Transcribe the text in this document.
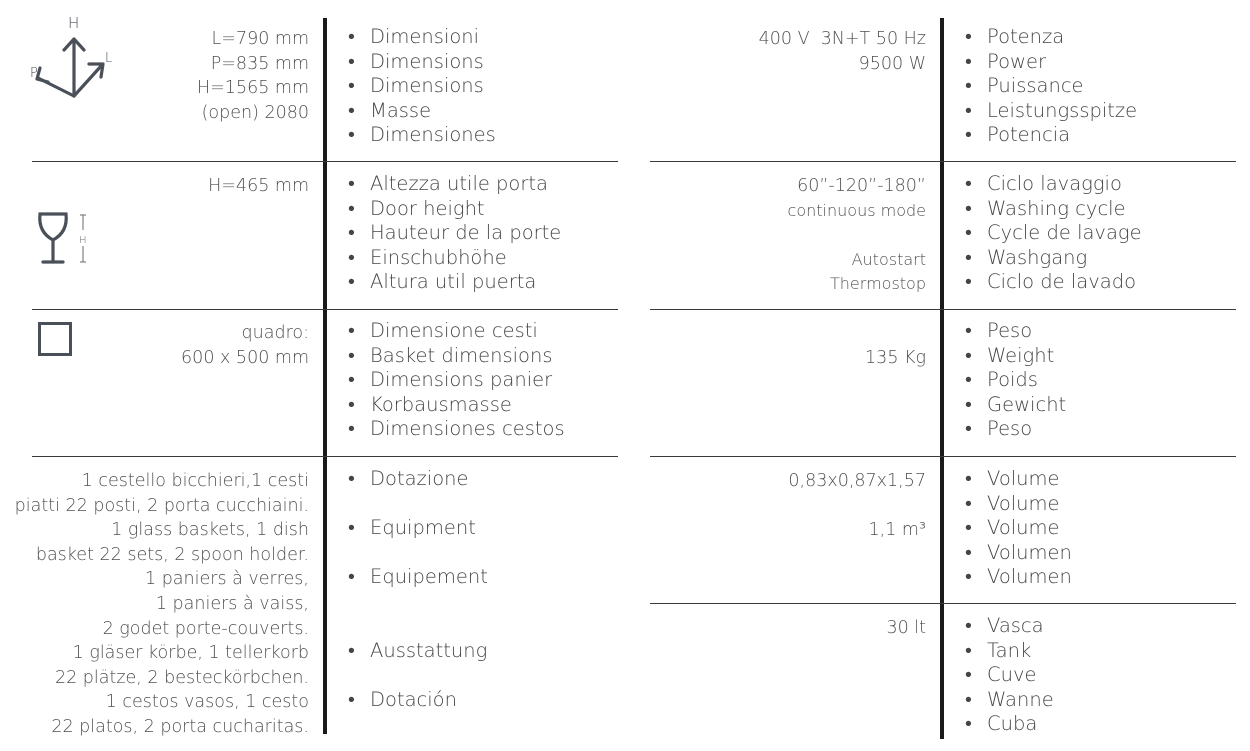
H
P
L
H
L=790 mm
P=835 mm
H=1565 mm
(open) 2080
H=465 mm
quadro:
600 x 500 mm
1 cestello bicchieri,1 cesti
piatti 22 posti, 2 porta cucchiaini.
1 glass baskets, 1 dish
basket 22 sets, 2 spoon holder.
1 paniers à verres,
1 paniers à vaiss,
2 godet porte-couverts.
1 gläser körbe, 1 tellerkorb
22 plätze, 2 besteckörbchen.
1 cestos vasos, 1 cesto
22 platos, 2 porta cucharitas.
• Dimensioni
• Dimensions
• Dimensions
• Masse
• Dimensiones
• Altezza utile porta
• Door height
• Hauteur de la porte
• Einschubhöhe
• Altura util puerta
• Dimensione cesti
• Basket dimensions
• Dimensions panier
• Korbausmasse
• Dimensiones cestos
• Dotazione
• Equipment
• Equipement
• Ausstattung
• Dotación
400 V  3N+T 50 Hz
9500 W
60”-120”-180”
continuous mode

Autostart
Thermostop
135 Kg
0,83x0,87x1,57

1,1 m³
30 lt
• Potenza
• Power
• Puissance
• Leistungsspitze
• Potencia
• Ciclo lavaggio
• Washing cycle
• Cycle de lavage
• Washgang
• Ciclo de lavado
• Peso
• Weight
• Poids
• Gewicht
• Peso
• Volume
• Volume
• Volume
• Volumen
• Volumen
• Vasca
• Tank
• Cuve
• Wanne
• Cuba
